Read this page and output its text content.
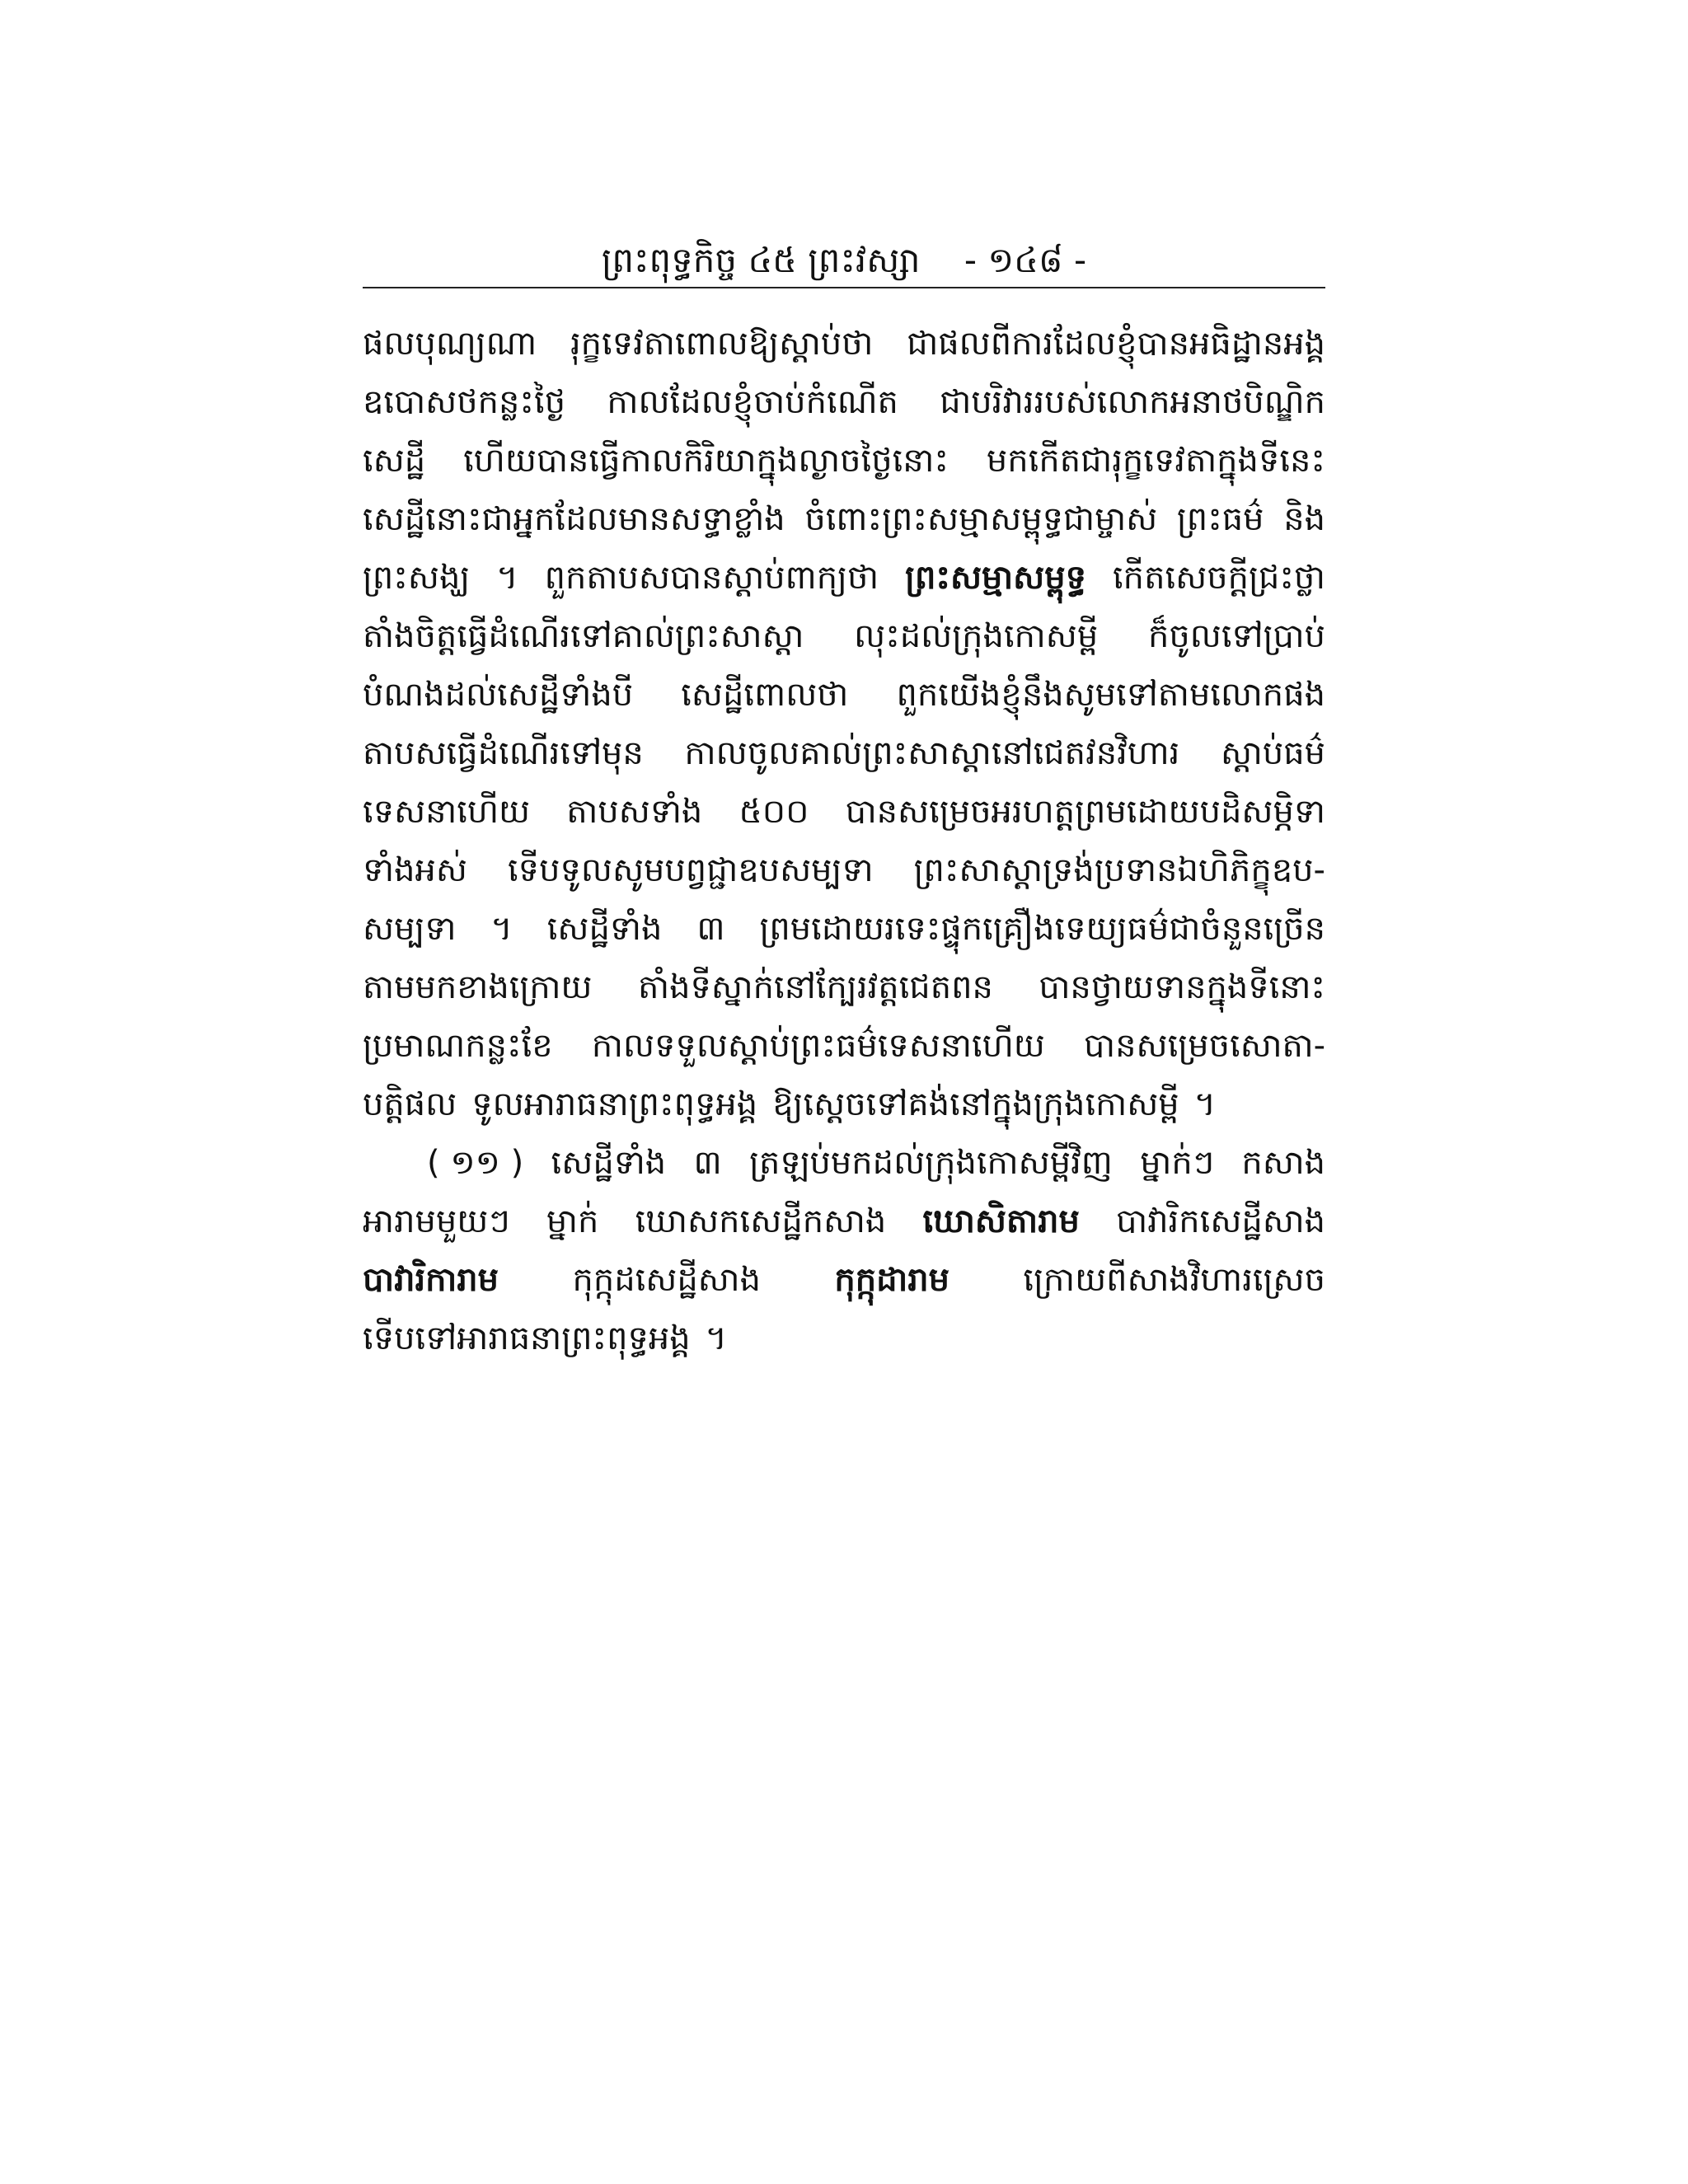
ព្រះពុទ្ធកិច្ច ៤៥ ព្រះវស្សា - ១៤៨ -
ផលបុណ្យណា រុក្ខទេវតាពោលឱ្យស្ដាប់ថា ជាផលពីការដែលខ្ញុំបានអធិដ្ឋានអង្គ
ឧបោសថកន្លះថ្ងៃ កាលដែលខ្ញុំចាប់កំណើត ជាបរិវាររបស់លោកអនាថបិណ្ឌិក
សេដ្ឋី ហើយបានធ្វើកាលកិរិយាក្នុងល្ងាចថ្ងៃនោះ មកកើតជារុក្ខទេវតាក្នុងទីនេះ
សេដ្ឋីនោះជាអ្នកដែលមានសទ្ធាខ្លាំង ចំពោះព្រះសម្មាសម្ពុទ្ធជាម្ចាស់ ព្រះធម៌ និង
ព្រះសង្ឃ ។ ពួកតាបសបានស្ដាប់ពាក្យថា ព្រះសម្មាសម្ពុទ្ធ កើតសេចក្ដីជ្រះថ្លា
តាំងចិត្តធ្វើដំណើរទៅគាល់ព្រះសាស្ដា លុះដល់ក្រុងកោសម្ពី ក៏ចូលទៅប្រាប់
បំណងដល់សេដ្ឋីទាំងបី សេដ្ឋីពោលថា ពួកយើងខ្ញុំនឹងសូមទៅតាមលោកផង
តាបសធ្វើដំណើរទៅមុន កាលចូលគាល់ព្រះសាស្ដានៅជេតវនវិហារ ស្ដាប់ធម៌
ទេសនាហើយ តាបសទាំង ៥០០ បានសម្រេចអរហត្តព្រមដោយបដិសម្ភិទា
ទាំងអស់ ទើបទូលសូមបព្វជ្ជាឧបសម្បទា ព្រះសាស្ដាទ្រង់ប្រទានឯហិភិក្ខុឧប-
សម្បទា ។ សេដ្ឋីទាំង ៣ ព្រមដោយរទេះផ្ទុកគ្រឿងទេយ្យធម៌ជាចំនួនច្រើន
តាមមកខាងក្រោយ តាំងទីស្នាក់នៅក្បែរវត្តជេតពន បានថ្វាយទានក្នុងទីនោះ
ប្រមាណកន្លះខែ កាលទទួលស្ដាប់ព្រះធម៌ទេសនាហើយ បានសម្រេចសោតា-
បត្តិផល ទូលអារាធនាព្រះពុទ្ធអង្គ ឱ្យស្ដេចទៅគង់នៅក្នុងក្រុងកោសម្ពី ។
( ១១ ) សេដ្ឋីទាំង ៣ ត្រឡប់មកដល់ក្រុងកោសម្ពីវិញ ម្នាក់ៗ កសាង
អារាមមួយៗ ម្នាក់ ឃោសកសេដ្ឋីកសាង ឃោសិតារាម បាវារិកសេដ្ឋីសាង
បាវារិការាម កុក្កុដសេដ្ឋីសាង កុក្កុដារាម ក្រោយពីសាងវិហារស្រេច
ទើបទៅអារាធនាព្រះពុទ្ធអង្គ ។
